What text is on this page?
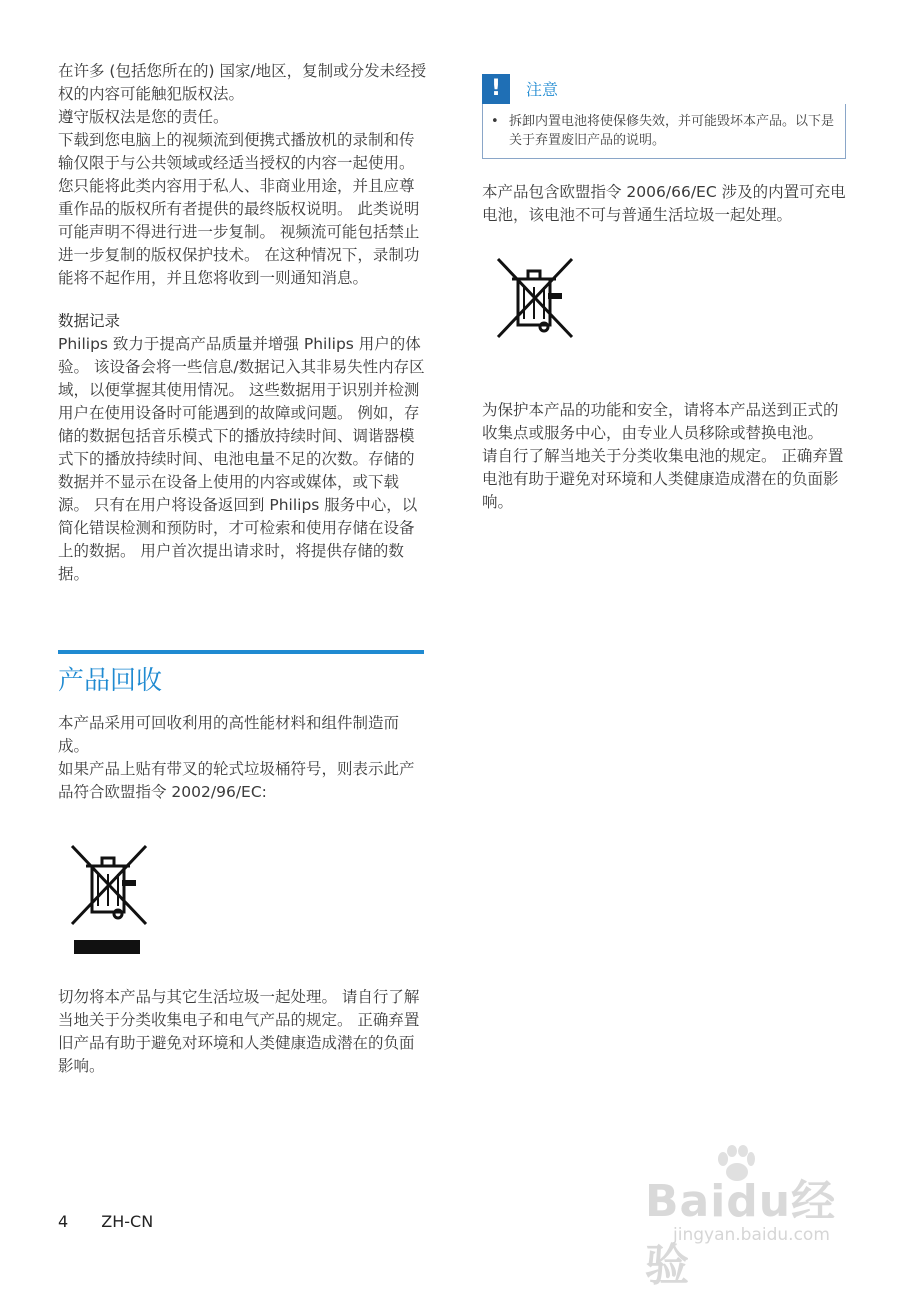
在许多 (包括您所在的) 国家/地区，复制或分发未经授权的内容可能触犯版权法。

遵守版权法是您的责任。

下载到您电脑上的视频流到便携式播放机的录制和传输仅限于与公共领域或经适当授权的内容一起使用。 您只能将此类内容用于私人、非商业用途，并且应尊重作品的版权所有者提供的最终版权说明。 此类说明可能声明不得进行进一步复制。 视频流可能包括禁止进一步复制的版权保护技术。 在这种情况下，录制功能将不起作用，并且您将收到一则通知消息。

数据记录

Philips 致力于提高产品质量并增强 Philips 用户的体验。 该设备会将一些信息/数据记入其非易失性内存区域，以便掌握其使用情况。 这些数据用于识别并检测用户在使用设备时可能遇到的故障或问题。 例如，存储的数据包括音乐模式下的播放持续时间、调谐器模式下的播放持续时间、电池电量不足的次数。存储的数据并不显示在设备上使用的内容或媒体，或下载源。 只有在用户将设备返回到 Philips 服务中心，以简化错误检测和预防时，才可检索和使用存储在设备上的数据。 用户首次提出请求时，将提供存储的数据。

产品回收

本产品采用可回收利用的高性能材料和组件制造而成。

如果产品上贴有带叉的轮式垃圾桶符号，则表示此产品符合欧盟指令 2002/96/EC:

切勿将本产品与其它生活垃圾一起处理。 请自行了解当地关于分类收集电子和电气产品的规定。 正确弃置旧产品有助于避免对环境和人类健康造成潜在的负面影响。

!	注意
• 拆卸内置电池将使保修失效，并可能毁坏本产品。以下是关于弃置废旧产品的说明。

本产品包含欧盟指令 2006/66/EC 涉及的内置可充电电池，该电池不可与普通生活垃圾一起处理。

为保护本产品的功能和安全，请将本产品送到正式的收集点或服务中心，由专业人员移除或替换电池。

请自行了解当地关于分类收集电池的规定。 正确弃置电池有助于避免对环境和人类健康造成潜在的负面影响。

4 ZH-CN	Baidu经验
jingyan.baidu.com
